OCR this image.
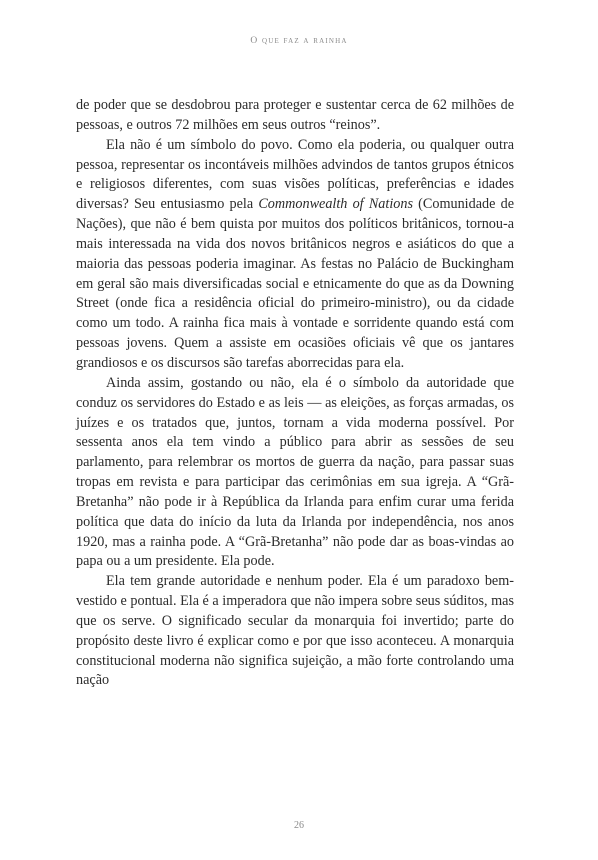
O que faz a rainha

de poder que se desdobrou para proteger e sustentar cerca de 62 milhões de pessoas, e outros 72 milhões em seus outros “reinos”.

Ela não é um símbolo do povo. Como ela poderia, ou qualquer outra pessoa, representar os incontáveis milhões advindos de tantos grupos étnicos e religiosos diferentes, com suas visões políticas, preferências e idades diversas? Seu entusiasmo pela Commonwealth of Nations (Comunidade de Nações), que não é bem quista por muitos dos políticos britânicos, tornou-a mais interessada na vida dos novos britânicos negros e asiáticos do que a maioria das pessoas poderia imaginar. As festas no Palácio de Buckingham em geral são mais diversificadas social e etnicamente do que as da Downing Street (onde fica a residência oficial do primeiro-ministro), ou da cidade como um todo. A rainha fica mais à vontade e sorridente quando está com pessoas jovens. Quem a assiste em ocasiões oficiais vê que os jantares grandiosos e os discursos são tarefas aborrecidas para ela.

Ainda assim, gostando ou não, ela é o símbolo da autoridade que conduz os servidores do Estado e as leis — as eleições, as forças armadas, os juízes e os tratados que, juntos, tornam a vida moderna possível. Por sessenta anos ela tem vindo a público para abrir as sessões de seu parlamento, para relembrar os mortos de guerra da nação, para passar suas tropas em revista e para participar das cerimônias em sua igreja. A “Grã-Bretanha” não pode ir à República da Irlanda para enfim curar uma ferida política que data do início da luta da Irlanda por independência, nos anos 1920, mas a rainha pode. A “Grã-Bretanha” não pode dar as boas-vindas ao papa ou a um presidente. Ela pode.

Ela tem grande autoridade e nenhum poder. Ela é um paradoxo bem-vestido e pontual. Ela é a imperadora que não impera sobre seus súditos, mas que os serve. O significado secular da monarquia foi invertido; parte do propósito deste livro é explicar como e por que isso aconteceu. A monarquia constitucional moderna não significa sujeição, a mão forte controlando uma nação

26
